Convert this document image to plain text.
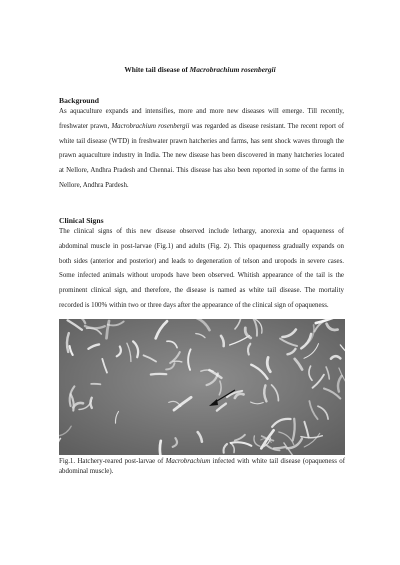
White tail disease of Macrobrachium rosenbergii
Background
As aquaculture expands and intensifies, more and more new diseases will emerge. Till recently, freshwater prawn, Macrobrachium rosenbergii was regarded as disease resistant. The recent report of white tail disease (WTD) in freshwater prawn hatcheries and farms, has sent shock waves through the prawn aquaculture industry in India. The new disease has been discovered in many hatcheries located at Nellore, Andhra Pradesh and Chennai. This disease has also been reported in some of the farms in Nellore, Andhra Pardesh.
Clinical Signs
The clinical signs of this new disease observed include lethargy, anorexia and opaqueness of abdominal muscle in post-larvae (Fig.1) and adults (Fig. 2). This opaqueness gradually expands on both sides (anterior and posterior) and leads to degeneration of telson and uropods in severe cases. Some infected animals without uropods have been observed. Whitish appearance of the tail is the prominent clinical sign, and therefore, the disease is named as white tail disease. The mortality recorded is 100% within two or three days after the appearance of the clinical sign of opaqueness.
Fig.1. Hatchery-reared post-larvae of Macrobrachium infected with white tail disease (opaqueness of abdominal muscle).
